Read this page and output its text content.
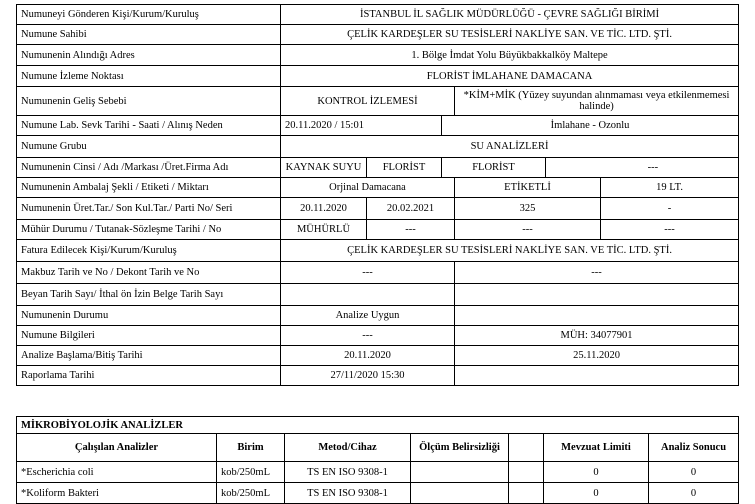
Numuneyi Gönderen Kişi/Kurum/Kuruluş	İSTANBUL İL SAĞLIK MÜDÜRLÜĞÜ - ÇEVRE SAĞLIĞI BİRİMİ					
Numune Sahibi	ÇELİK KARDEŞLER SU TESİSLERİ NAKLİYE SAN. VE TİC. LTD. ŞTİ.					
Numunenin Alındığı Adres	1. Bölge İmdat Yolu Büyükbakkalköy Maltepe					
Numune İzleme Noktası	FLORİST İMLAHANE DAMACANA					
Numunenin Geliş Sebebi	KONTROL İZLEMESİ			*KİM+MİK (Yüzey suyundan alınmaması veya etkilenmemesi halinde)		
Numune Lab. Sevk Tarihi - Saati / Alınış Neden	20.11.2020 / 15:01		İmlahane - Ozonlu			
Numune Grubu	SU ANALİZLERİ					
Numunenin Cinsi / Adı /Markası /Üret.Firma Adı	KAYNAK SUYU	FLORİST	FLORİST		---	
Numunenin Ambalaj Şekli / Etiketi / Miktarı	Orjinal Damacana			ETİKETLİ		19 LT.
Numunenin Üret.Tar./ Son Kul.Tar./ Parti No/ Seri	20.11.2020	20.02.2021		325		-
Mühür Durumu / Tutanak-Sözleşme Tarihi / No	MÜHÜRLÜ	---		---		---
Fatura Edilecek Kişi/Kurum/Kuruluş	ÇELİK KARDEŞLER SU TESİSLERİ NAKLİYE SAN. VE TİC. LTD. ŞTİ.					
Makbuz Tarih ve No / Dekont Tarih ve No	---			---		
Beyan Tarih Sayı/ İthal ön İzin Belge Tarih Sayı						
Numunenin Durumu	Analize Uygun					
Numune Bilgileri	---			MÜH: 34077901		
Analize Başlama/Bitiş Tarihi	20.11.2020			25.11.2020		
Raporlama Tarihi	27/11/2020 15:30					
MİKROBİYOLOJİK ANALİZLER						
Çalışılan Analizler	Birim	Metod/Cihaz	Ölçüm Belirsizliği		Mevzuat Limiti	Analiz Sonucu
*Escherichia coli	kob/250mL	TS EN ISO 9308-1			0	0
*Koliform Bakteri	kob/250mL	TS EN ISO 9308-1			0	0
